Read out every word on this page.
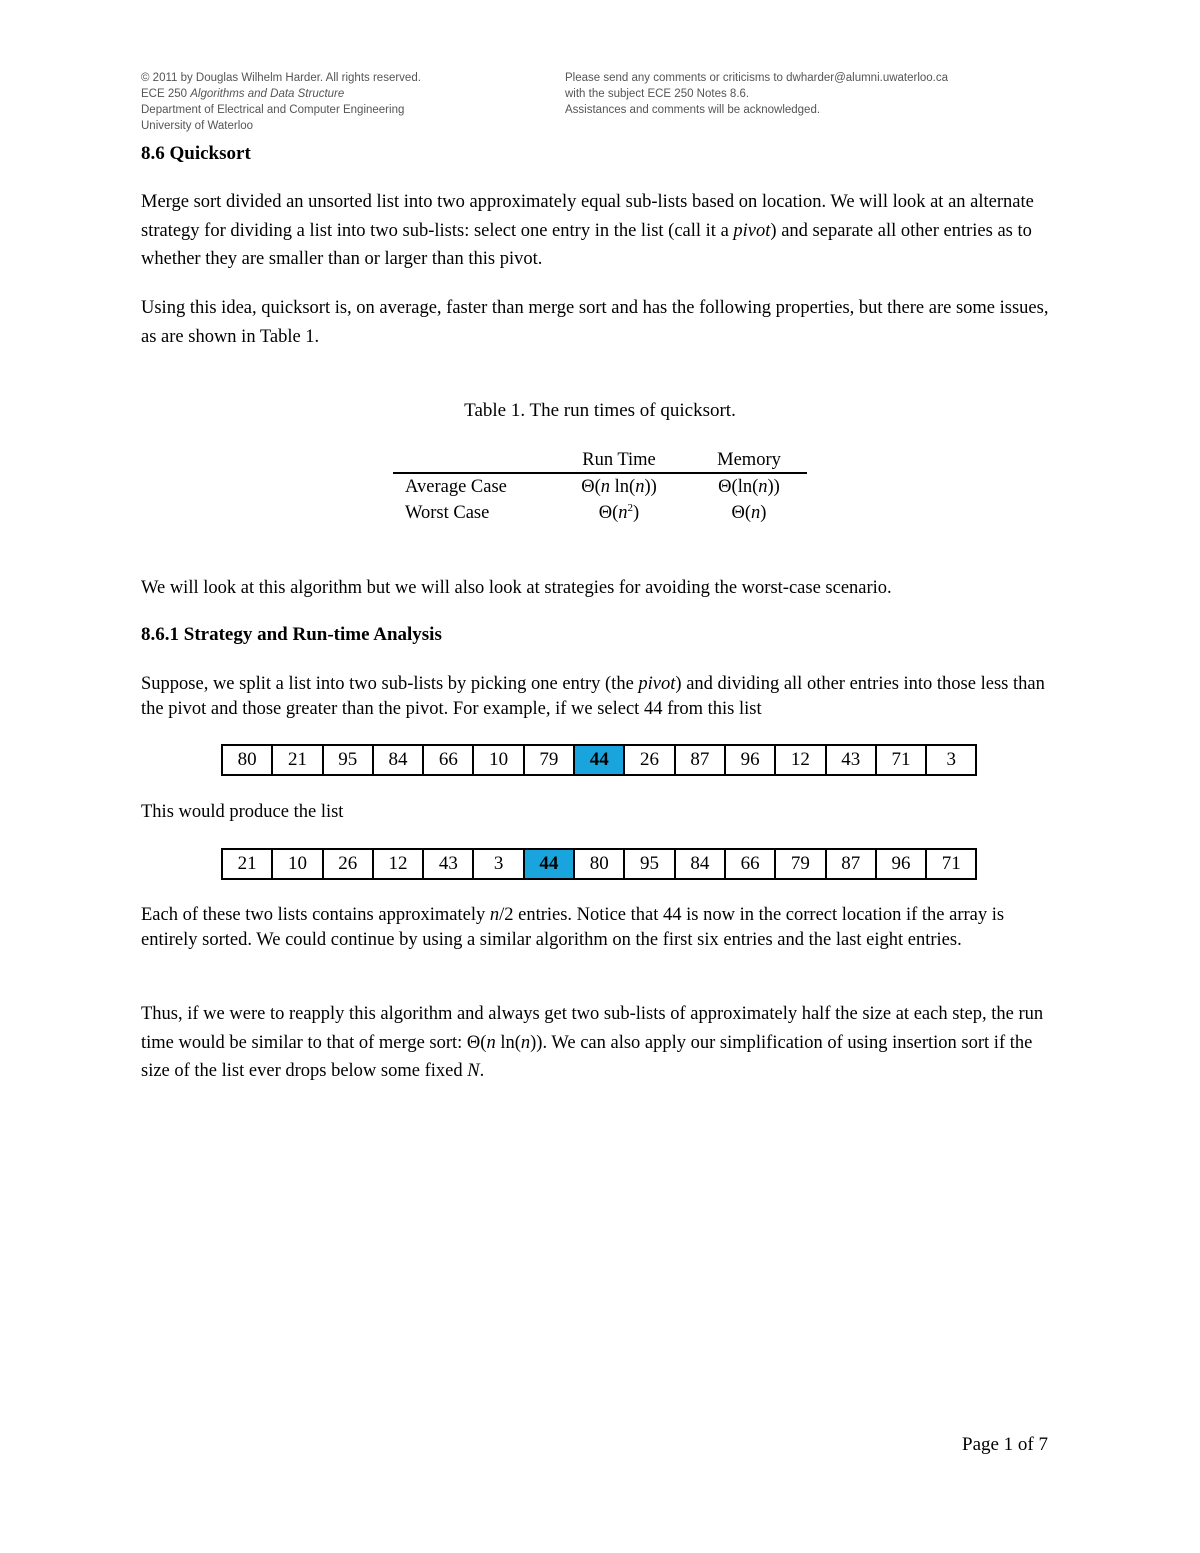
© 2011 by Douglas Wilhelm Harder. All rights reserved.
ECE 250 Algorithms and Data Structure
Department of Electrical and Computer Engineering
University of Waterloo
Please send any comments or criticisms to dwharder@alumni.uwaterloo.ca
with the subject ECE 250 Notes 8.6.
Assistances and comments will be acknowledged.
8.6 Quicksort
Merge sort divided an unsorted list into two approximately equal sub-lists based on location. We will look at an alternate strategy for dividing a list into two sub-lists: select one entry in the list (call it a pivot) and separate all other entries as to whether they are smaller than or larger than this pivot.
Using this idea, quicksort is, on average, faster than merge sort and has the following properties, but there are some issues, as are shown in Table 1.
Table 1. The run times of quicksort.
	Run Time	Memory
Average Case	Θ(n ln(n))	Θ(ln(n))
Worst Case	$\Theta(n^2)$	Θ(n)
We will look at this algorithm but we will also look at strategies for avoiding the worst-case scenario.
8.6.1 Strategy and Run-time Analysis
Suppose, we split a list into two sub-lists by picking one entry (the pivot) and dividing all other entries into those less than the pivot and those greater than the pivot. For example, if we select 44 from this list
80	21	95	84	66	10	79	44	26	87	96	12	43	71	3
This would produce the list
21	10	26	12	43	3	44	80	95	84	66	79	87	96	71
Each of these two lists contains approximately n/2 entries. Notice that 44 is now in the correct location if the array is entirely sorted. We could continue by using a similar algorithm on the first six entries and the last eight entries.
Thus, if we were to reapply this algorithm and always get two sub-lists of approximately half the size at each step, the run time would be similar to that of merge sort: Θ(n ln(n)). We can also apply our simplification of using insertion sort if the size of the list ever drops below some fixed N.
Page 1 of 7
